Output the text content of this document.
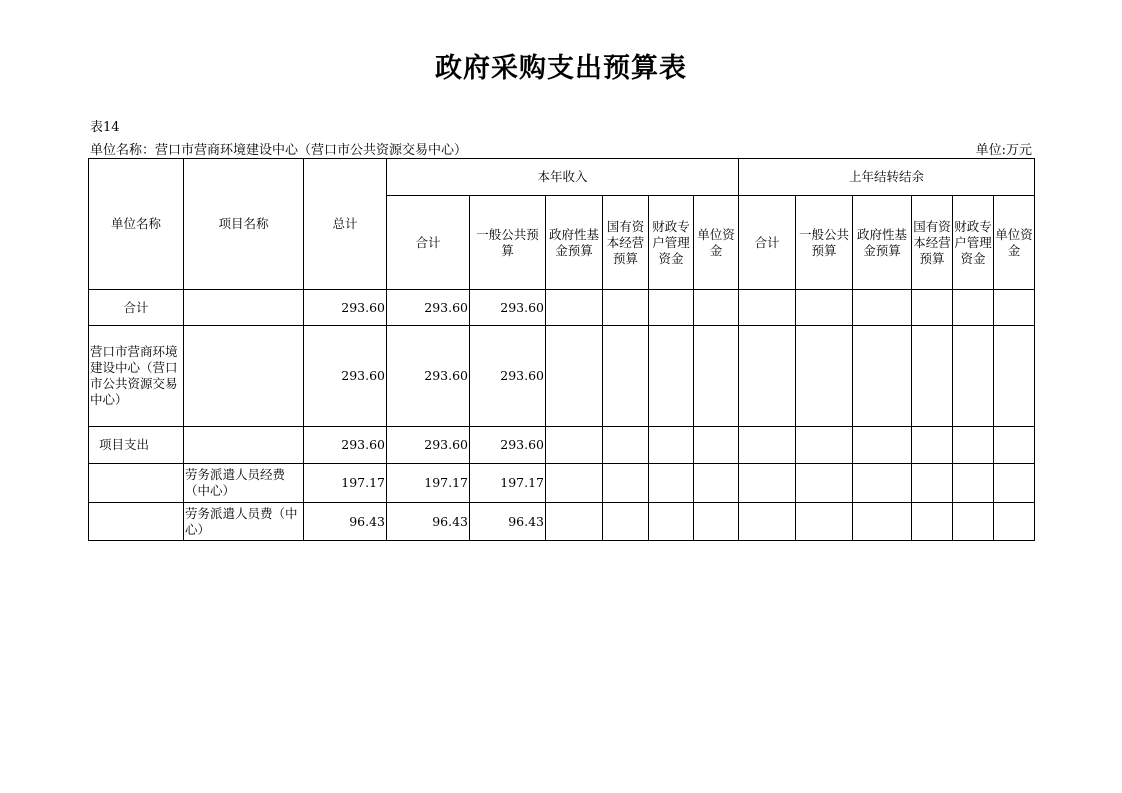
政府采购支出预算表
表14
单位名称：营口市营商环境建设中心（营口市公共资源交易中心）	单位:万元
单位名称	项目名称	总计	本年收入						上年结转结余					
			合计	一般公共预算	政府性基金预算	国有资本经营预算	财政专户管理资金	单位资金	合计	一般公共预算	政府性基金预算	国有资本经营预算	财政专户管理资金	单位资金
合计		293.60	293.60	293.60										
营口市营商环境建设中心（营口市公共资源交易中心）		293.60	293.60	293.60										
项目支出		293.60	293.60	293.60										
	劳务派遣人员经费（中心）	197.17	197.17	197.17										
	劳务派遣人员费（中心）	96.43	96.43	96.43										
